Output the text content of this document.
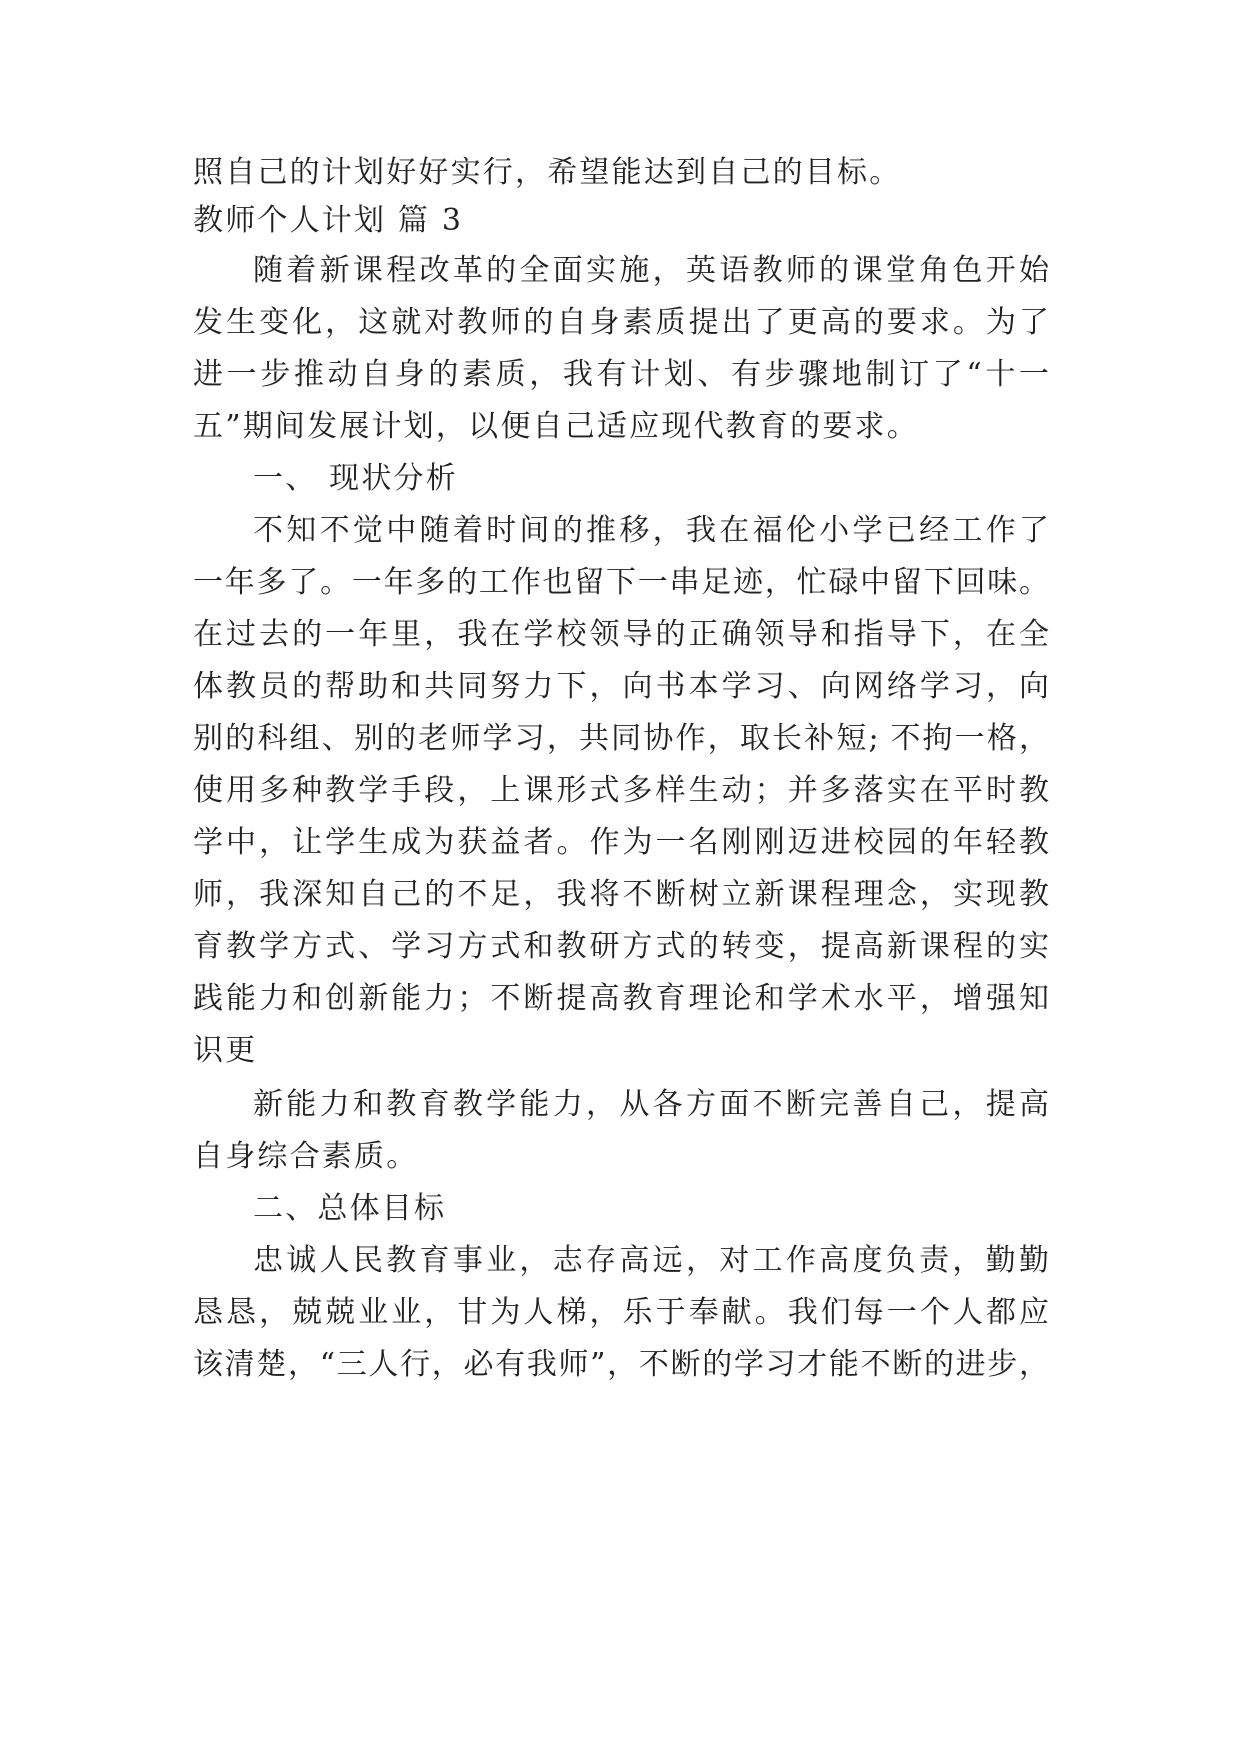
照自己的计划好好实行，希望能达到自己的目标。
教师个人计划 篇 3
随着新课程改革的全面实施，英语教师的课堂角色开始
发生变化，这就对教师的自身素质提出了更高的要求。为了
进一步推动自身的素质，我有计划、有步骤地制订了“十一
五”期间发展计划，以便自己适应现代教育的要求。
一、 现状分析
不知不觉中随着时间的推移，我在福伦小学已经工作了
一年多了。一年多的工作也留下一串足迹，忙碌中留下回味。
在过去的一年里，我在学校领导的正确领导和指导下，在全
体教员的帮助和共同努力下，向书本学习、向网络学习，向
别的科组、别的老师学习，共同协作，取长补短; 不拘一格，
使用多种教学手段，上课形式多样生动；并多落实在平时教
学中，让学生成为获益者。作为一名刚刚迈进校园的年轻教
师，我深知自己的不足，我将不断树立新课程理念，实现教
育教学方式、学习方式和教研方式的转变，提高新课程的实
践能力和创新能力；不断提高教育理论和学术水平，增强知
识更
新能力和教育教学能力，从各方面不断完善自己，提高
自身综合素质。
二、总体目标
忠诚人民教育事业，志存高远，对工作高度负责，勤勤
恳恳，兢兢业业，甘为人梯，乐于奉献。我们每一个人都应
该清楚，“三人行，必有我师”，不断的学习才能不断的进步，
